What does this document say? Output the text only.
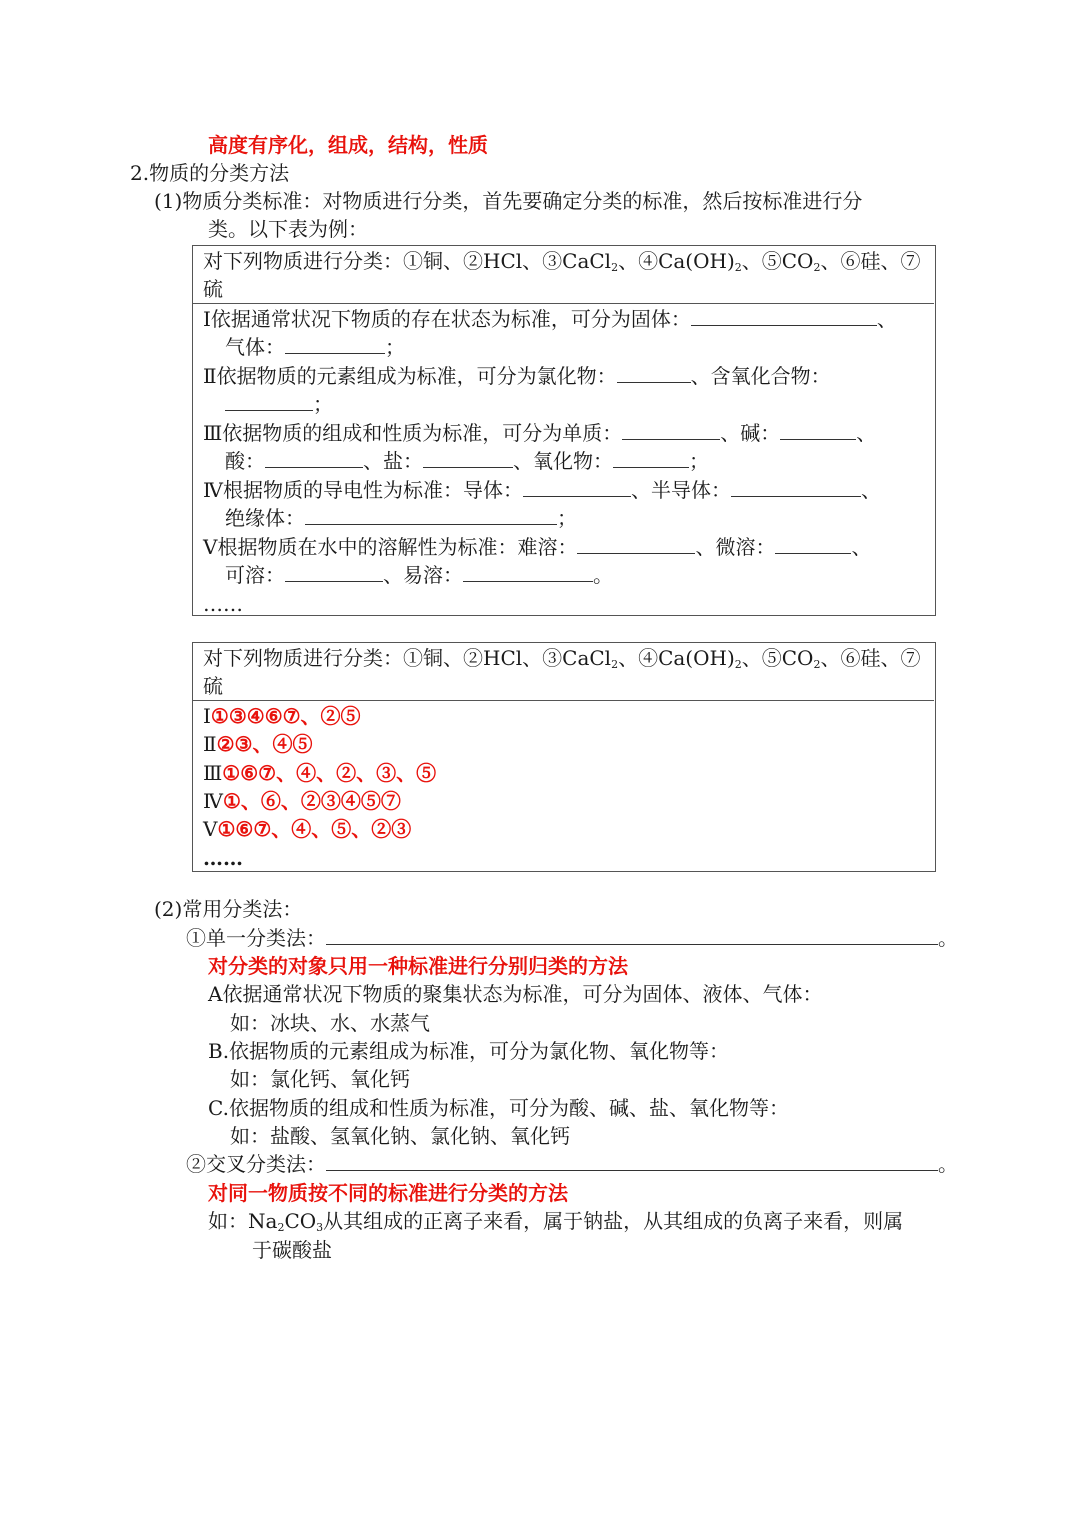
高度有序化，组成，结构，性质
2.物质的分类方法
(1)物质分类标准：对物质进行分类，首先要确定分类的标准，然后按标准进行分
类。以下表为例：
对下列物质进行分类：①铜、②HCl、③CaCl$_2$、$④Ca(OH)_2$、$⑤CO_2$、⑥硅、⑦
硫
Ⅰ依据通常状况下物质的存在状态为标准，可分为固体：	、
气体：	；
Ⅱ依据物质的元素组成为标准，可分为氯化物：	、含氧化合物：
；
Ⅲ依据物质的组成和性质为标准，可分为单质：	、碱：	、
酸：	、盐：	、氧化物：	；
Ⅳ根据物质的导电性为标准：导体：	、半导体：	、
绝缘体：	；
Ⅴ根据物质在水中的溶解性为标准：难溶：	、微溶：	、
可溶：	、易溶：	。
……
对下列物质进行分类：①铜、②HCl、③CaCl$_2$、$④Ca(OH)_2$、$⑤CO_2$、⑥硅、⑦
硫
Ⅰ①③④⑥⑦、②⑤
Ⅱ②③、④⑤
Ⅲ①⑥⑦、④、②、③、⑤
Ⅳ①、⑥、②③④⑤⑦
Ⅴ①⑥⑦、④、⑤、②③
……
(2)常用分类法：
①单一分类法：	。
对分类的对象只用一种标准进行分别归类的方法
A依据通常状况下物质的聚集状态为标准，可分为固体、液体、气体：
如：冰块、水、水蒸气
B.依据物质的元素组成为标准，可分为氯化物、氧化物等：
如：氯化钙、氧化钙
C.依据物质的组成和性质为标准，可分为酸、碱、盐、氧化物等：
如：盐酸、氢氧化钠、氯化钠、氧化钙
②交叉分类法：	。
对同一物质按不同的标准进行分类的方法
如：$Na_2CO_3$从其组成的正离子来看，属于钠盐，从其组成的负离子来看，则属
于碳酸盐
